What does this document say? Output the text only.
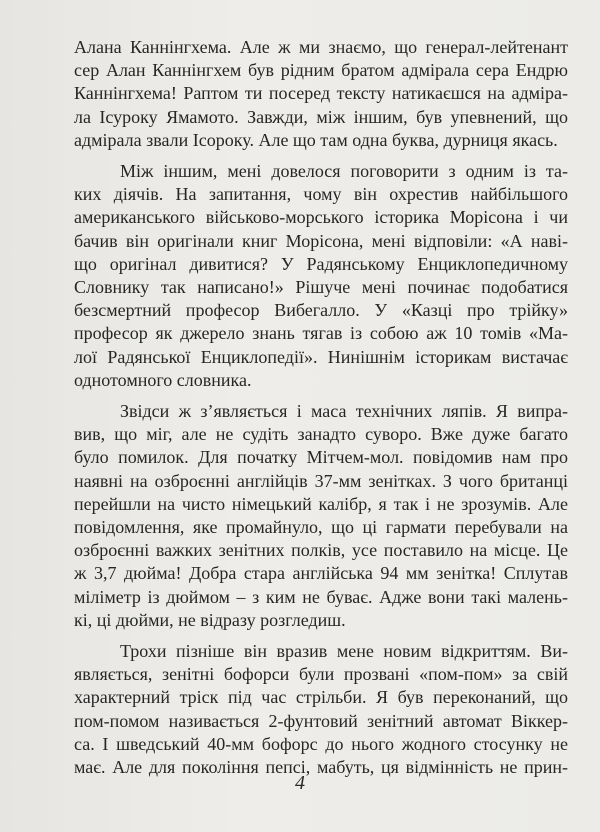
Алана Каннінгхема. Але ж ми знаємо, що генерал-лейтенант
сер Алан Каннінгхем був рідним братом адмірала сера Ендрю
Каннінгхема! Раптом ти посеред тексту натикаєшся на адміра-
ла Ісуроку Ямамото. Завжди, між іншим, був упевнений, що
адмірала звали Ісороку. Але що там одна буква, дурниця якась.

Між іншим, мені довелося поговорити з одним із та-
ких діячів. На запитання, чому він охрестив найбільшого
американського військово-морського історика Морісона і чи
бачив він оригінали книг Морісона, мені відповіли: «А наві-
що оригінал дивитися? У Радянському Енциклопедичному
Словнику так написано!» Рішуче мені починає подобатися
безсмертний професор Вибегалло. У «Казці про трійку»
професор як джерело знань тягав із собою аж 10 томів «Ма-
лої Радянської Енциклопедії». Нинішнім історикам вистачає
однотомного словника.

Звідси ж з’являється і маса технічних ляпів. Я випра-
вив, що міг, але не судіть занадто суворо. Вже дуже багато
було помилок. Для початку Мітчем-мол. повідомив нам про
наявні на озброєнні англійців 37-мм зенітках. З чого британці
перейшли на чисто німецький калібр, я так і не зрозумів. Але
повідомлення, яке промайнуло, що ці гармати перебували на
озброєнні важких зенітних полків, усе поставило на місце. Це
ж 3,7 дюйма! Добра стара англійська 94 мм зенітка! Сплутав
міліметр із дюймом – з ким не буває. Адже вони такі малень-
кі, ці дюйми, не відразу розгледиш.

Трохи пізніше він вразив мене новим відкриттям. Ви-
являється, зенітні бофорси були прозвані «пом-пом» за свій
характерний тріск під час стрільби. Я був переконаний, що
пом-помом називається 2-фунтовий зенітний автомат Віккер-
са. І шведський 40-мм бофорс до нього жодного стосунку не
має. Але для покоління пепсі, мабуть, ця відмінність не прин-

4
